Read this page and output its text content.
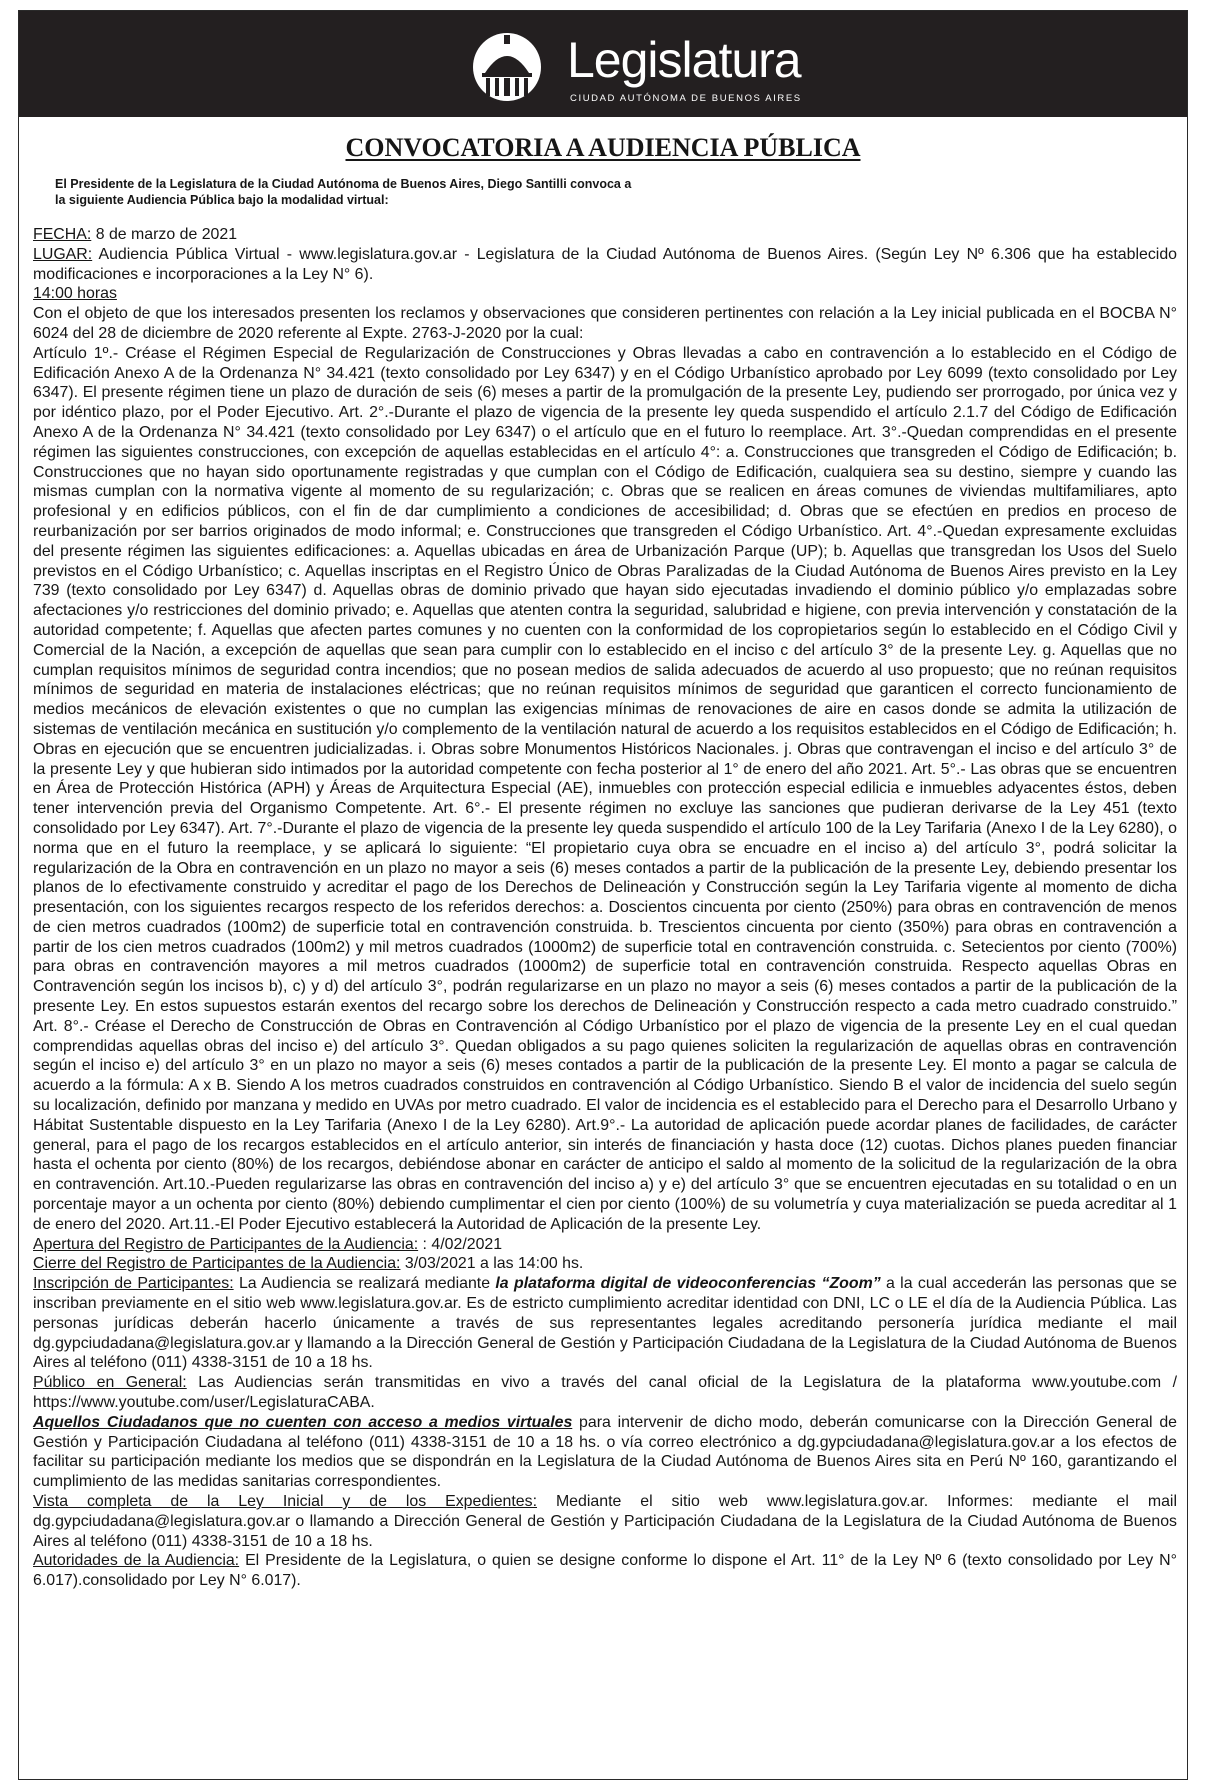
Legislatura
CIUDAD AUTÓNOMA DE BUENOS AIRES
CONVOCATORIA A AUDIENCIA PÚBLICA
El Presidente de la Legislatura de la Ciudad Autónoma de Buenos Aires, Diego Santilli convoca a la siguiente Audiencia Pública bajo la modalidad virtual:

FECHA: 8 de marzo de 2021

LUGAR: Audiencia Pública Virtual - www.legislatura.gov.ar - Legislatura de la Ciudad Autónoma de Buenos Aires. (Según Ley Nº 6.306 que ha establecido modificaciones e incorporaciones a la Ley N° 6).

14:00 horas

Con el objeto de que los interesados presenten los reclamos y observaciones que consideren pertinentes con relación a la Ley inicial publicada en el BOCBA N° 6024 del 28 de diciembre de 2020 referente al Expte. 2763-J-2020 por la cual:

Artículo 1º.- Créase el Régimen Especial de Regularización de Construcciones y Obras llevadas a cabo en contravención a lo establecido en el Código de Edificación Anexo A de la Ordenanza N° 34.421 (texto consolidado por Ley 6347) y en el Código Urbanístico aprobado por Ley 6099 (texto consolidado por Ley 6347). El presente régimen tiene un plazo de duración de seis (6) meses a partir de la promulgación de la presente Ley, pudiendo ser prorrogado, por única vez y por idéntico plazo, por el Poder Ejecutivo. Art. 2°.-Durante el plazo de vigencia de la presente ley queda suspendido el artículo 2.1.7 del Código de Edificación Anexo A de la Ordenanza N° 34.421 (texto consolidado por Ley 6347) o el artículo que en el futuro lo reemplace. Art. 3°.-Quedan comprendidas en el presente régimen las siguientes construcciones, con excepción de aquellas establecidas en el artículo 4°: a. Construcciones que transgreden el Código de Edificación; b. Construcciones que no hayan sido oportunamente registradas y que cumplan con el Código de Edificación, cualquiera sea su destino, siempre y cuando las mismas cumplan con la normativa vigente al momento de su regularización; c. Obras que se realicen en áreas comunes de viviendas multifamiliares, apto profesional y en edificios públicos, con el fin de dar cumplimiento a condiciones de accesibilidad; d. Obras que se efectúen en predios en proceso de reurbanización por ser barrios originados de modo informal; e. Construcciones que transgreden el Código Urbanístico. Art. 4°.-Quedan expresamente excluidas del presente régimen las siguientes edificaciones: a. Aquellas ubicadas en área de Urbanización Parque (UP); b. Aquellas que transgredan los Usos del Suelo previstos en el Código Urbanístico; c. Aquellas inscriptas en el Registro Único de Obras Paralizadas de la Ciudad Autónoma de Buenos Aires previsto en la Ley 739 (texto consolidado por Ley 6347) d. Aquellas obras de dominio privado que hayan sido ejecutadas invadiendo el dominio público y/o emplazadas sobre afectaciones y/o restricciones del dominio privado; e. Aquellas que atenten contra la seguridad, salubridad e higiene, con previa intervención y constatación de la autoridad competente; f. Aquellas que afecten partes comunes y no cuenten con la conformidad de los copropietarios según lo establecido en el Código Civil y Comercial de la Nación, a excepción de aquellas que sean para cumplir con lo establecido en el inciso c del artículo 3° de la presente Ley. g. Aquellas que no cumplan requisitos mínimos de seguridad contra incendios; que no posean medios de salida adecuados de acuerdo al uso propuesto; que no reúnan requisitos mínimos de seguridad en materia de instalaciones eléctricas; que no reúnan requisitos mínimos de seguridad que garanticen el correcto funcionamiento de medios mecánicos de elevación existentes o que no cumplan las exigencias mínimas de renovaciones de aire en casos donde se admita la utilización de sistemas de ventilación mecánica en sustitución y/o complemento de la ventilación natural de acuerdo a los requisitos establecidos en el Código de Edificación; h. Obras en ejecución que se encuentren judicializadas. i. Obras sobre Monumentos Históricos Nacionales. j. Obras que contravengan el inciso e del artículo 3° de la presente Ley y que hubieran sido intimados por la autoridad competente con fecha posterior al 1° de enero del año 2021. Art. 5°.- Las obras que se encuentren en Área de Protección Histórica (APH) y Áreas de Arquitectura Especial (AE), inmuebles con protección especial edilicia e inmuebles adyacentes éstos, deben tener intervención previa del Organismo Competente. Art. 6°.- El presente régimen no excluye las sanciones que pudieran derivarse de la Ley 451 (texto consolidado por Ley 6347). Art. 7°.-Durante el plazo de vigencia de la presente ley queda suspendido el artículo 100 de la Ley Tarifaria (Anexo I de la Ley 6280), o norma que en el futuro la reemplace, y se aplicará lo siguiente: “El propietario cuya obra se encuadre en el inciso a) del artículo 3°, podrá solicitar la regularización de la Obra en contravención en un plazo no mayor a seis (6) meses contados a partir de la publicación de la presente Ley, debiendo presentar los planos de lo efectivamente construido y acreditar el pago de los Derechos de Delineación y Construcción según la Ley Tarifaria vigente al momento de dicha presentación, con los siguientes recargos respecto de los referidos derechos: a. Doscientos cincuenta por ciento (250%) para obras en contravención de menos de cien metros cuadrados (100m2) de superficie total en contravención construida. b. Trescientos cincuenta por ciento (350%) para obras en contravención a partir de los cien metros cuadrados (100m2) y mil metros cuadrados (1000m2) de superficie total en contravención construida. c. Setecientos por ciento (700%) para obras en contravención mayores a mil metros cuadrados (1000m2) de superficie total en contravención construida. Respecto aquellas Obras en Contravención según los incisos b), c) y d) del artículo 3°, podrán regularizarse en un plazo no mayor a seis (6) meses contados a partir de la publicación de la presente Ley. En estos supuestos estarán exentos del recargo sobre los derechos de Delineación y Construcción respecto a cada metro cuadrado construido.” Art. 8°.- Créase el Derecho de Construcción de Obras en Contravención al Código Urbanístico por el plazo de vigencia de la presente Ley en el cual quedan comprendidas aquellas obras del inciso e) del artículo 3°. Quedan obligados a su pago quienes soliciten la regularización de aquellas obras en contravención según el inciso e) del artículo 3° en un plazo no mayor a seis (6) meses contados a partir de la publicación de la presente Ley. El monto a pagar se calcula de acuerdo a la fórmula: A x B. Siendo A los metros cuadrados construidos en contravención al Código Urbanístico. Siendo B el valor de incidencia del suelo según su localización, definido por manzana y medido en UVAs por metro cuadrado. El valor de incidencia es el establecido para el Derecho para el Desarrollo Urbano y Hábitat Sustentable dispuesto en la Ley Tarifaria (Anexo I de la Ley 6280). Art.9°.- La autoridad de aplicación puede acordar planes de facilidades, de carácter general, para el pago de los recargos establecidos en el artículo anterior, sin interés de financiación y hasta doce (12) cuotas. Dichos planes pueden financiar hasta el ochenta por ciento (80%) de los recargos, debiéndose abonar en carácter de anticipo el saldo al momento de la solicitud de la regularización de la obra en contravención. Art.10.-Pueden regularizarse las obras en contravención del inciso a) y e) del artículo 3° que se encuentren ejecutadas en su totalidad o en un porcentaje mayor a un ochenta por ciento (80%) debiendo cumplimentar el cien por ciento (100%) de su volumetría y cuya materialización se pueda acreditar al 1 de enero del 2020. Art.11.-El Poder Ejecutivo establecerá la Autoridad de Aplicación de la presente Ley.

Apertura del Registro de Participantes de la Audiencia: : 4/02/2021

Cierre del Registro de Participantes de la Audiencia: 3/03/2021 a las 14:00 hs.

Inscripción de Participantes: La Audiencia se realizará mediante la plataforma digital de videoconferencias “Zoom” a la cual accederán las personas que se inscriban previamente en el sitio web www.legislatura.gov.ar. Es de estricto cumplimiento acreditar identidad con DNI, LC o LE el día de la Audiencia Pública. Las personas jurídicas deberán hacerlo únicamente a través de sus representantes legales acreditando personería jurídica mediante el mail dg.gypciudadana@legislatura.gov.ar y llamando a la Dirección General de Gestión y Participación Ciudadana de la Legislatura de la Ciudad Autónoma de Buenos Aires al teléfono (011) 4338-3151 de 10 a 18 hs.

Público en General: Las Audiencias serán transmitidas en vivo a través del canal oficial de la Legislatura de la plataforma www.youtube.com / https://www.youtube.com/user/LegislaturaCABA.

Aquellos Ciudadanos que no cuenten con acceso a medios virtuales para intervenir de dicho modo, deberán comunicarse con la Dirección General de Gestión y Participación Ciudadana al teléfono (011) 4338-3151 de 10 a 18 hs. o vía correo electrónico a dg.gypciudadana@legislatura.gov.ar a los efectos de facilitar su participación mediante los medios que se dispondrán en la Legislatura de la Ciudad Autónoma de Buenos Aires sita en Perú Nº 160, garantizando el cumplimiento de las medidas sanitarias correspondientes.

Vista completa de la Ley Inicial y de los Expedientes: Mediante el sitio web www.legislatura.gov.ar. Informes: mediante el mail dg.gypciudadana@legislatura.gov.ar o llamando a Dirección General de Gestión y Participación Ciudadana de la Legislatura de la Ciudad Autónoma de Buenos Aires al teléfono (011) 4338-3151 de 10 a 18 hs.

Autoridades de la Audiencia: El Presidente de la Legislatura, o quien se designe conforme lo dispone el Art. 11° de la Ley Nº 6 (texto consolidado por Ley N° 6.017).consolidado por Ley N° 6.017).
